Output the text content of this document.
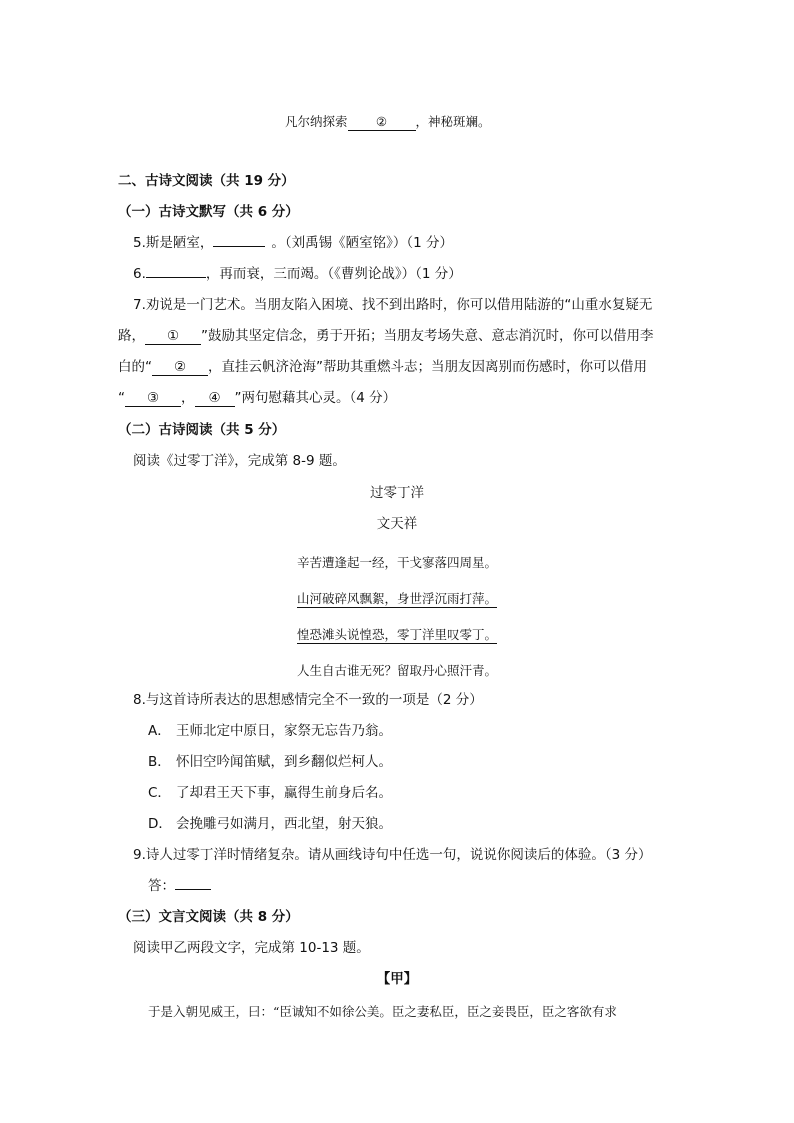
凡尔纳探索 ② ，神秘斑斓。
二、古诗文阅读（共 19 分）
（一）古诗文默写（共 6 分）
5.斯是陋室，	。（刘禹锡《陋室铭》）（1 分）
6.	，再而衰，三而竭。（《曹刿论战》）（1 分）
7.劝说是一门艺术。当朋友陷入困境、找不到出路时，你可以借用陆游的“山重水复疑无
路， ① ”鼓励其坚定信念，勇于开拓；当朋友考场失意、意志消沉时，你可以借用李
白的“ ② ，直挂云帆济沧海”帮助其重燃斗志；当朋友因离别而伤感时，你可以借用
“ ③ ， ④ ”两句慰藉其心灵。（4 分）
（二）古诗阅读（共 5 分）
阅读《过零丁洋》，完成第 8-9 题。
过零丁洋
文天祥
辛苦遭逢起一经，干戈寥落四周星。
山河破碎风飘絮，身世浮沉雨打萍。
惶恐滩头说惶恐，零丁洋里叹零丁。
人生自古谁无死？留取丹心照汗青。
8.与这首诗所表达的思想感情完全不一致的一项是（2 分）
A． 王师北定中原日，家祭无忘告乃翁。
B． 怀旧空吟闻笛赋，到乡翻似烂柯人。
C． 了却君王天下事，赢得生前身后名。
D． 会挽雕弓如满月，西北望，射天狼。
9.诗人过零丁洋时情绪复杂。请从画线诗句中任选一句，说说你阅读后的体验。（3 分）
答：
（三）文言文阅读（共 8 分）
阅读甲乙两段文字，完成第 10-13 题。
【甲】
于是入朝见威王，曰：“臣诚知不如徐公美。臣之妻私臣，臣之妾畏臣，臣之客欲有求
